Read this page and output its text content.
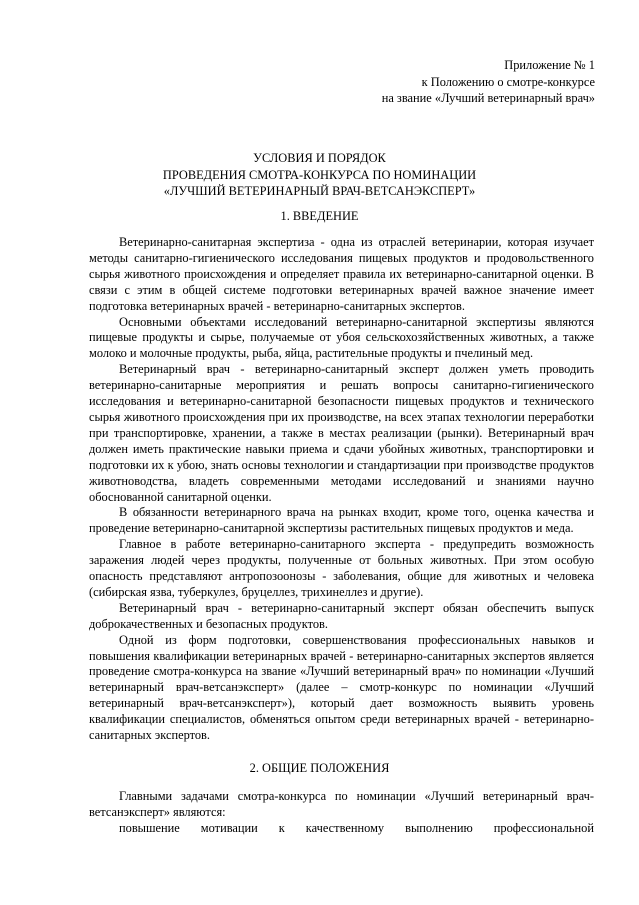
Приложение № 1
к Положению о смотре-конкурсе
на звание «Лучший ветеринарный врач»
УСЛОВИЯ И ПОРЯДОК
ПРОВЕДЕНИЯ СМОТРА-КОНКУРСА ПО НОМИНАЦИИ
«ЛУЧШИЙ ВЕТЕРИНАРНЫЙ ВРАЧ-ВЕТСАНЭКСПЕРТ»
1. ВВЕДЕНИЕ

Ветеринарно-санитарная экспертиза - одна из отраслей ветеринарии, которая изучает методы санитарно-гигиенического исследования пищевых продуктов и продовольственного сырья животного происхождения и определяет правила их ветеринарно-санитарной оценки. В связи с этим в общей системе подготовки ветеринарных врачей важное значение имеет подготовка ветеринарных врачей - ветеринарно-санитарных экспертов.

Основными объектами исследований ветеринарно-санитарной экспертизы являются пищевые продукты и сырье, получаемые от убоя сельскохозяйственных животных, а также молоко и молочные продукты, рыба, яйца, растительные продукты и пчелиный мед.

Ветеринарный врач - ветеринарно-санитарный эксперт должен уметь проводить ветеринарно-санитарные мероприятия и решать вопросы санитарно-гигиенического исследования и ветеринарно-санитарной безопасности пищевых продуктов и технического сырья животного происхождения при их производстве, на всех этапах технологии переработки при транспортировке, хранении, а также в местах реализации (рынки). Ветеринарный врач должен иметь практические навыки приема и сдачи убойных животных, транспортировки и подготовки их к убою, знать основы технологии и стандартизации при производстве продуктов животноводства, владеть современными методами исследований и знаниями научно обоснованной санитарной оценки.

В обязанности ветеринарного врача на рынках входит, кроме того, оценка качества и проведение ветеринарно-санитарной экспертизы растительных пищевых продуктов и меда.

Главное в работе ветеринарно-санитарного эксперта - предупредить возможность заражения людей через продукты, полученные от больных животных. При этом особую опасность представляют антропозоонозы - заболевания, общие для животных и человека (сибирская язва, туберкулез, бруцеллез, трихинеллез и другие).

Ветеринарный врач - ветеринарно-санитарный эксперт обязан обеспечить выпуск доброкачественных и безопасных продуктов.

Одной из форм подготовки, совершенствования профессиональных навыков и повышения квалификации ветеринарных врачей - ветеринарно-санитарных экспертов является проведение смотра-конкурса на звание «Лучший ветеринарный врач» по номинации «Лучший ветеринарный врач-ветсанэксперт» (далее – смотр-конкурс по номинации «Лучший ветеринарный врач-ветсанэксперт»), который дает возможность выявить уровень квалификации специалистов, обменяться опытом среди ветеринарных врачей - ветеринарно-санитарных экспертов.

2. ОБЩИЕ ПОЛОЖЕНИЯ

Главными задачами смотра-конкурса по номинации «Лучший ветеринарный врач-ветсанэксперт» являются:

повышение мотивации к качественному выполнению профессиональной
